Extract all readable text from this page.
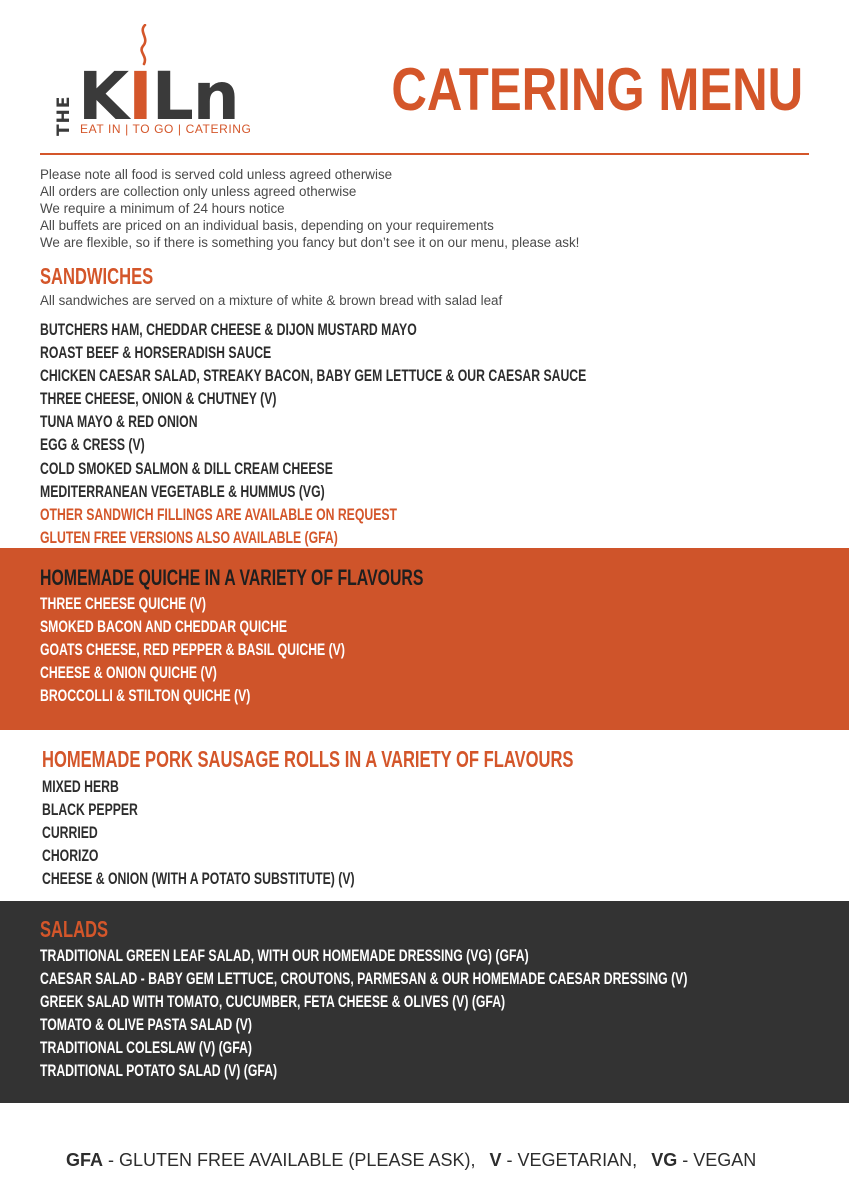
THE KILn
EAT IN | TO GO | CATERING
CATERING MENU
Please note all food is served cold unless agreed otherwise
All orders are collection only unless agreed otherwise
We require a minimum of 24 hours notice
All buffets are priced on an individual basis, depending on your requirements
We are flexible, so if there is something you fancy but don’t see it on our menu, please ask!
SANDWICHES
All sandwiches are served on a mixture of white & brown bread with salad leaf
BUTCHERS HAM, CHEDDAR CHEESE & DIJON MUSTARD MAYO
ROAST BEEF & HORSERADISH SAUCE
CHICKEN CAESAR SALAD, STREAKY BACON, BABY GEM LETTUCE & OUR CAESAR SAUCE
THREE CHEESE, ONION & CHUTNEY (V)
TUNA MAYO & RED ONION
EGG & CRESS (V)
COLD SMOKED SALMON & DILL CREAM CHEESE
MEDITERRANEAN VEGETABLE & HUMMUS (VG)
OTHER SANDWICH FILLINGS ARE AVAILABLE ON REQUEST
GLUTEN FREE VERSIONS ALSO AVAILABLE (GFA)
HOMEMADE QUICHE IN A VARIETY OF FLAVOURS
THREE CHEESE QUICHE (V)
SMOKED BACON AND CHEDDAR QUICHE
GOATS CHEESE, RED PEPPER & BASIL QUICHE (V)
CHEESE & ONION QUICHE (V)
BROCCOLLI & STILTON QUICHE (V)
HOMEMADE PORK SAUSAGE ROLLS IN A VARIETY OF FLAVOURS
MIXED HERB
BLACK PEPPER
CURRIED
CHORIZO
CHEESE & ONION (WITH A POTATO SUBSTITUTE) (V)
SALADS
TRADITIONAL GREEN LEAF SALAD, WITH OUR HOMEMADE DRESSING (VG) (GFA)
CAESAR SALAD - BABY GEM LETTUCE, CROUTONS, PARMESAN & OUR HOMEMADE CAESAR DRESSING (V)
GREEK SALAD WITH TOMATO, CUCUMBER, FETA CHEESE & OLIVES (V) (GFA)
TOMATO & OLIVE PASTA SALAD (V)
TRADITIONAL COLESLAW (V) (GFA)
TRADITIONAL POTATO SALAD (V) (GFA)
GFA - GLUTEN FREE AVAILABLE (PLEASE ASK), V - VEGETARIAN, VG - VEGAN
